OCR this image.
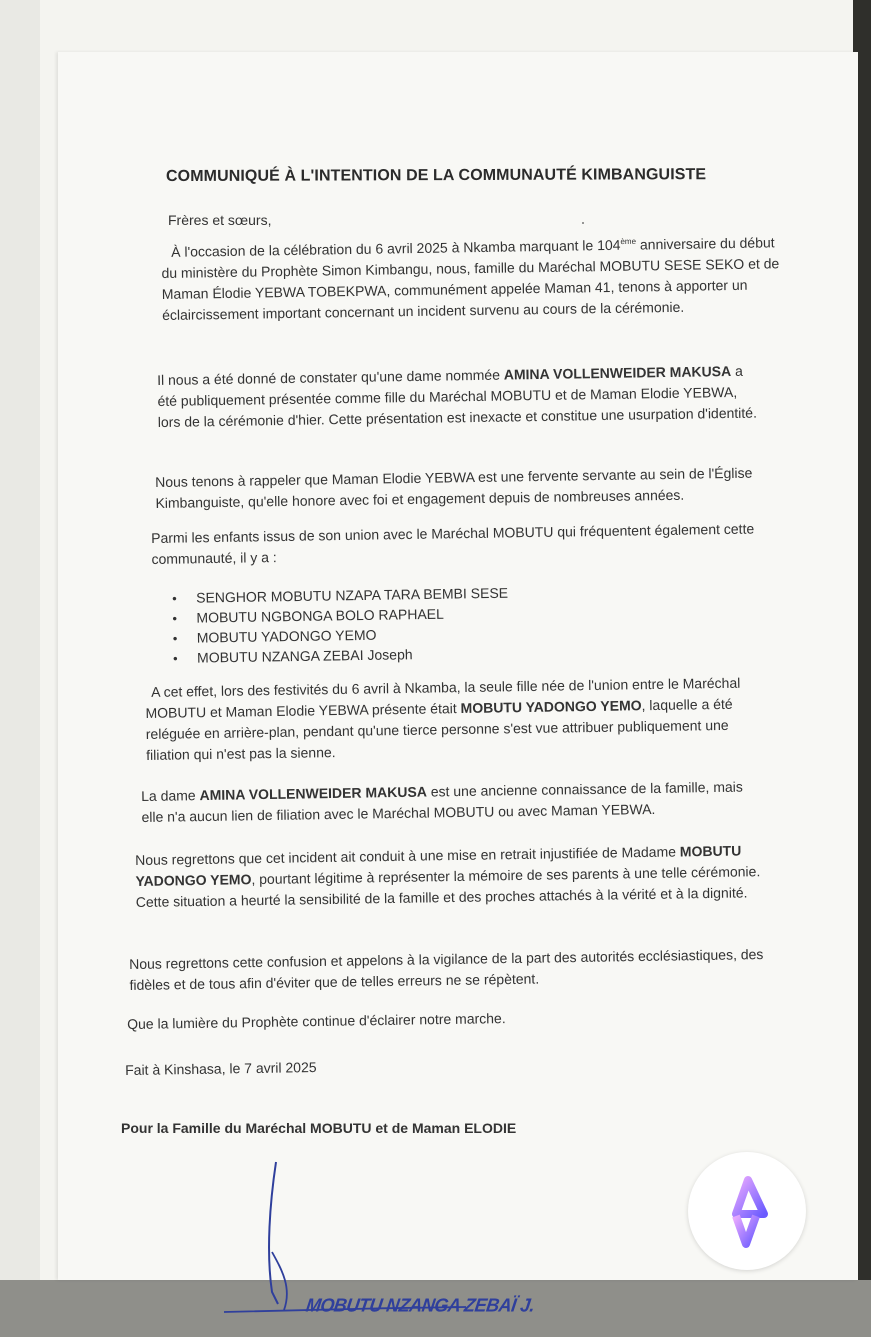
COMMUNIQUÉ À L'INTENTION DE LA COMMUNAUTÉ KIMBANGUISTE
Frères et sœurs,
À l'occasion de la célébration du 6 avril 2025 à Nkamba marquant le 104ème anniversaire du début du ministère du Prophète Simon Kimbangu, nous, famille du Maréchal MOBUTU SESE SEKO et de Maman Élodie YEBWA TOBEKPWA, communément appelée Maman 41, tenons à apporter un éclaircissement important concernant un incident survenu au cours de la cérémonie.
Il nous a été donné de constater qu'une dame nommée AMINA VOLLENWEIDER MAKUSA a été publiquement présentée comme fille du Maréchal MOBUTU et de Maman Elodie YEBWA, lors de la cérémonie d'hier. Cette présentation est inexacte et constitue une usurpation d'identité.
Nous tenons à rappeler que Maman Elodie YEBWA est une fervente servante au sein de l'Église Kimbanguiste, qu'elle honore avec foi et engagement depuis de nombreuses années.
Parmi les enfants issus de son union avec le Maréchal MOBUTU qui fréquentent également cette communauté, il y a :
• SENGHOR MOBUTU NZAPA TARA BEMBI SESE
• MOBUTU NGBONGA BOLO RAPHAEL
• MOBUTU YADONGO YEMO
• MOBUTU NZANGA ZEBAI Joseph
A cet effet, lors des festivités du 6 avril à Nkamba, la seule fille née de l'union entre le Maréchal MOBUTU et Maman Elodie YEBWA présente était MOBUTU YADONGO YEMO, laquelle a été reléguée en arrière-plan, pendant qu'une tierce personne s'est vue attribuer publiquement une filiation qui n'est pas la sienne.
La dame AMINA VOLLENWEIDER MAKUSA est une ancienne connaissance de la famille, mais elle n'a aucun lien de filiation avec le Maréchal MOBUTU ou avec Maman YEBWA.
Nous regrettons que cet incident ait conduit à une mise en retrait injustifiée de Madame MOBUTU YADONGO YEMO, pourtant légitime à représenter la mémoire de ses parents à une telle cérémonie. Cette situation a heurté la sensibilité de la famille et des proches attachés à la vérité et à la dignité.
Nous regrettons cette confusion et appelons à la vigilance de la part des autorités ecclésiastiques, des fidèles et de tous afin d'éviter que de telles erreurs ne se répètent.
Que la lumière du Prophète continue d'éclairer notre marche.
Fait à Kinshasa, le 7 avril 2025
Pour la Famille du Maréchal MOBUTU et de Maman ELODIE
MOBUTU NZANGA ZEBAÏ J.
